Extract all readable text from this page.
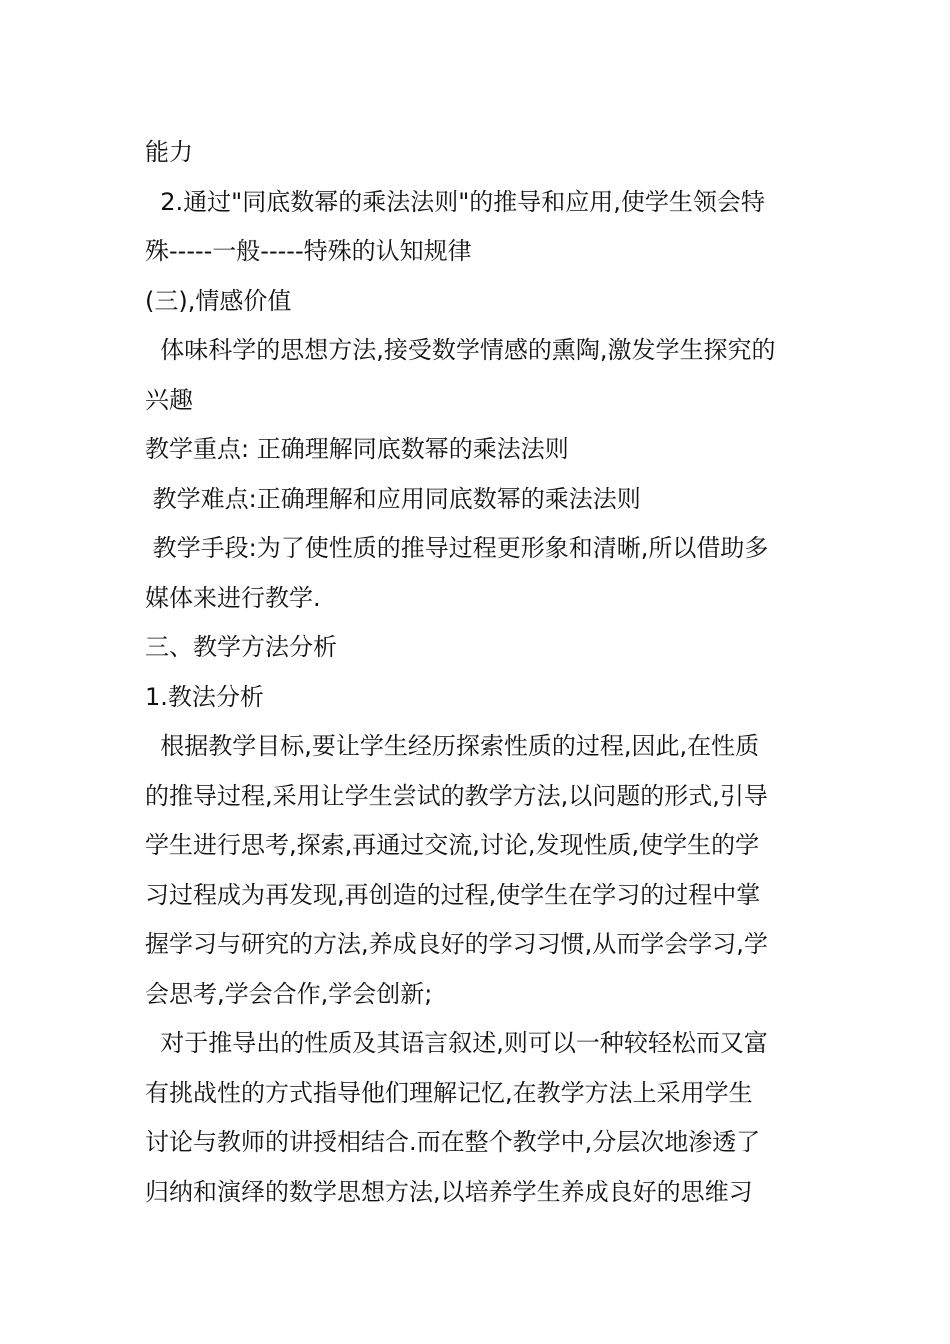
能力
2.通过"同底数幂的乘法法则"的推导和应用,使学生领会特
殊-----一般-----特殊的认知规律
(三),情感价值
体味科学的思想方法,接受数学情感的熏陶,激发学生探究的
兴趣
教学重点: 正确理解同底数幂的乘法法则
教学难点:正确理解和应用同底数幂的乘法法则
教学手段:为了使性质的推导过程更形象和清晰,所以借助多
媒体来进行教学.
三、教学方法分析
1.教法分析
根据教学目标,要让学生经历探索性质的过程,因此,在性质
的推导过程,采用让学生尝试的教学方法,以问题的形式,引导
学生进行思考,探索,再通过交流,讨论,发现性质,使学生的学
习过程成为再发现,再创造的过程,使学生在学习的过程中掌
握学习与研究的方法,养成良好的学习习惯,从而学会学习,学
会思考,学会合作,学会创新;
对于推导出的性质及其语言叙述,则可以一种较轻松而又富
有挑战性的方式指导他们理解记忆,在教学方法上采用学生
讨论与教师的讲授相结合.而在整个教学中,分层次地渗透了
归纳和演绎的数学思想方法,以培养学生养成良好的思维习
